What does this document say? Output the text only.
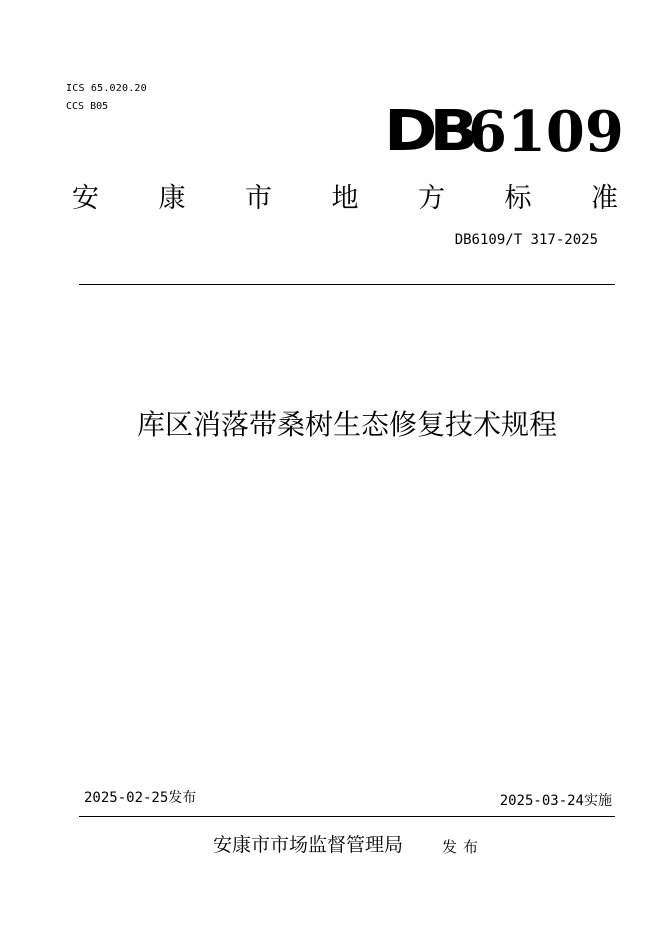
ICS 65.020.20
CCS B05	DB
6109
安 康 市 地 方 标 准
DB6109/T 317-2025
库区消落带桑树生态修复技术规程
2025-02-25发布	2025-03-24实施
安康市市场监督管理局	发布
